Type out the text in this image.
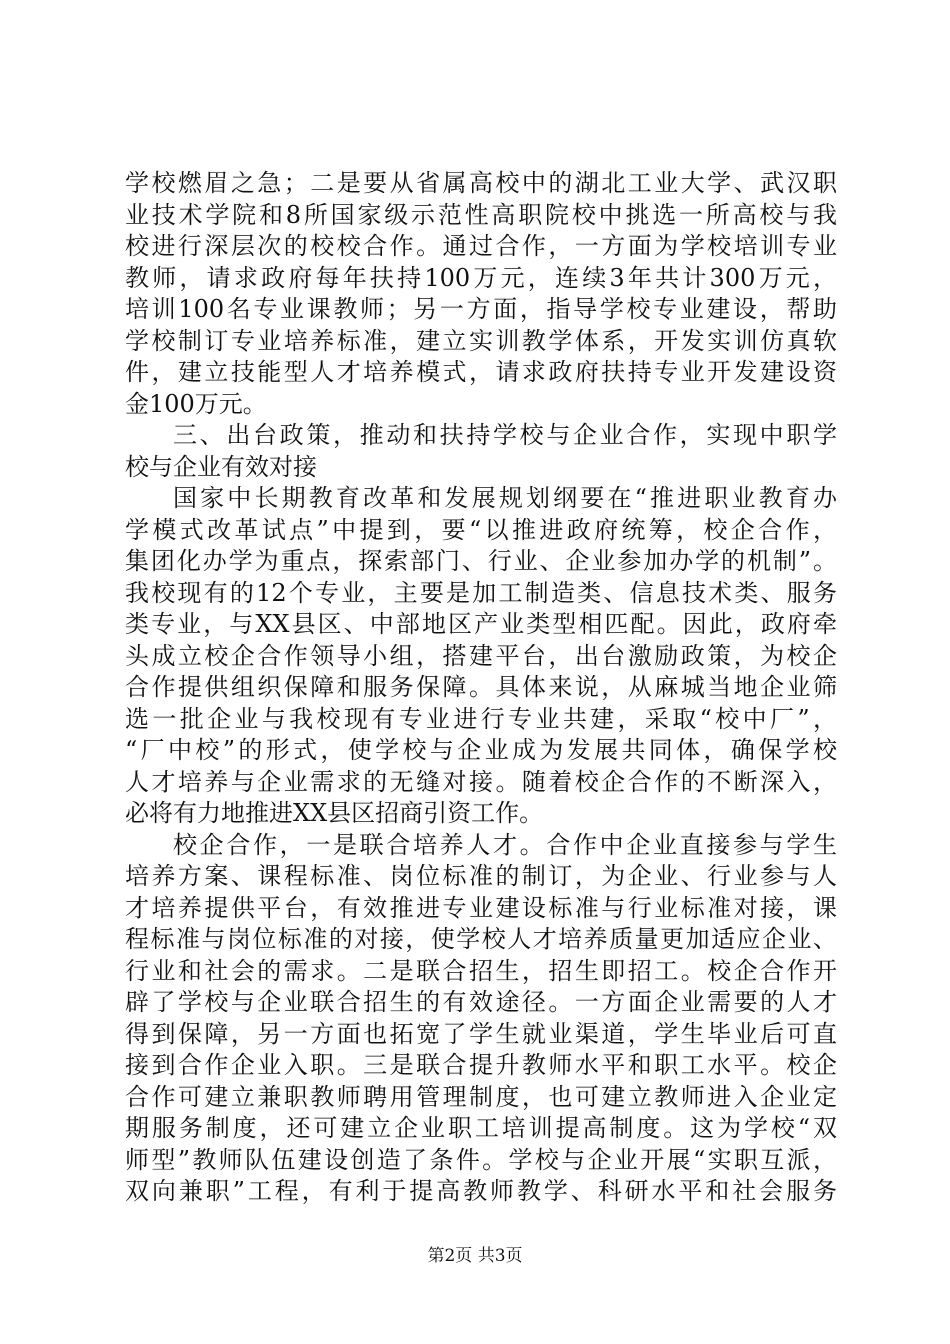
学校燃眉之急；二是要从省属高校中的湖北工业大学、武汉职
业技术学院和8所国家级示范性高职院校中挑选一所高校与我
校进行深层次的校校合作。通过合作，一方面为学校培训专业
教师，请求政府每年扶持100万元，连续3年共计300万元，
培训100名专业课教师；另一方面，指导学校专业建设，帮助
学校制订专业培养标准，建立实训教学体系，开发实训仿真软
件，建立技能型人才培养模式，请求政府扶持专业开发建设资
金100万元。
三、出台政策，推动和扶持学校与企业合作，实现中职学
校与企业有效对接
国家中长期教育改革和发展规划纲要在“推进职业教育办
学模式改革试点”中提到，要“以推进政府统筹，校企合作，
集团化办学为重点，探索部门、行业、企业参加办学的机制”。
我校现有的12个专业，主要是加工制造类、信息技术类、服务
类专业，与XX县区、中部地区产业类型相匹配。因此，政府牵
头成立校企合作领导小组，搭建平台，出台激励政策，为校企
合作提供组织保障和服务保障。具体来说，从麻城当地企业筛
选一批企业与我校现有专业进行专业共建，采取“校中厂”，
“厂中校”的形式，使学校与企业成为发展共同体，确保学校
人才培养与企业需求的无缝对接。随着校企合作的不断深入，
必将有力地推进XX县区招商引资工作。
校企合作，一是联合培养人才。合作中企业直接参与学生
培养方案、课程标准、岗位标准的制订，为企业、行业参与人
才培养提供平台，有效推进专业建设标准与行业标准对接，课
程标准与岗位标准的对接，使学校人才培养质量更加适应企业、
行业和社会的需求。二是联合招生，招生即招工。校企合作开
辟了学校与企业联合招生的有效途径。一方面企业需要的人才
得到保障，另一方面也拓宽了学生就业渠道，学生毕业后可直
接到合作企业入职。三是联合提升教师水平和职工水平。校企
合作可建立兼职教师聘用管理制度，也可建立教师进入企业定
期服务制度，还可建立企业职工培训提高制度。这为学校“双
师型”教师队伍建设创造了条件。学校与企业开展“实职互派，
双向兼职”工程，有利于提高教师教学、科研水平和社会服务
第2页 共3页
